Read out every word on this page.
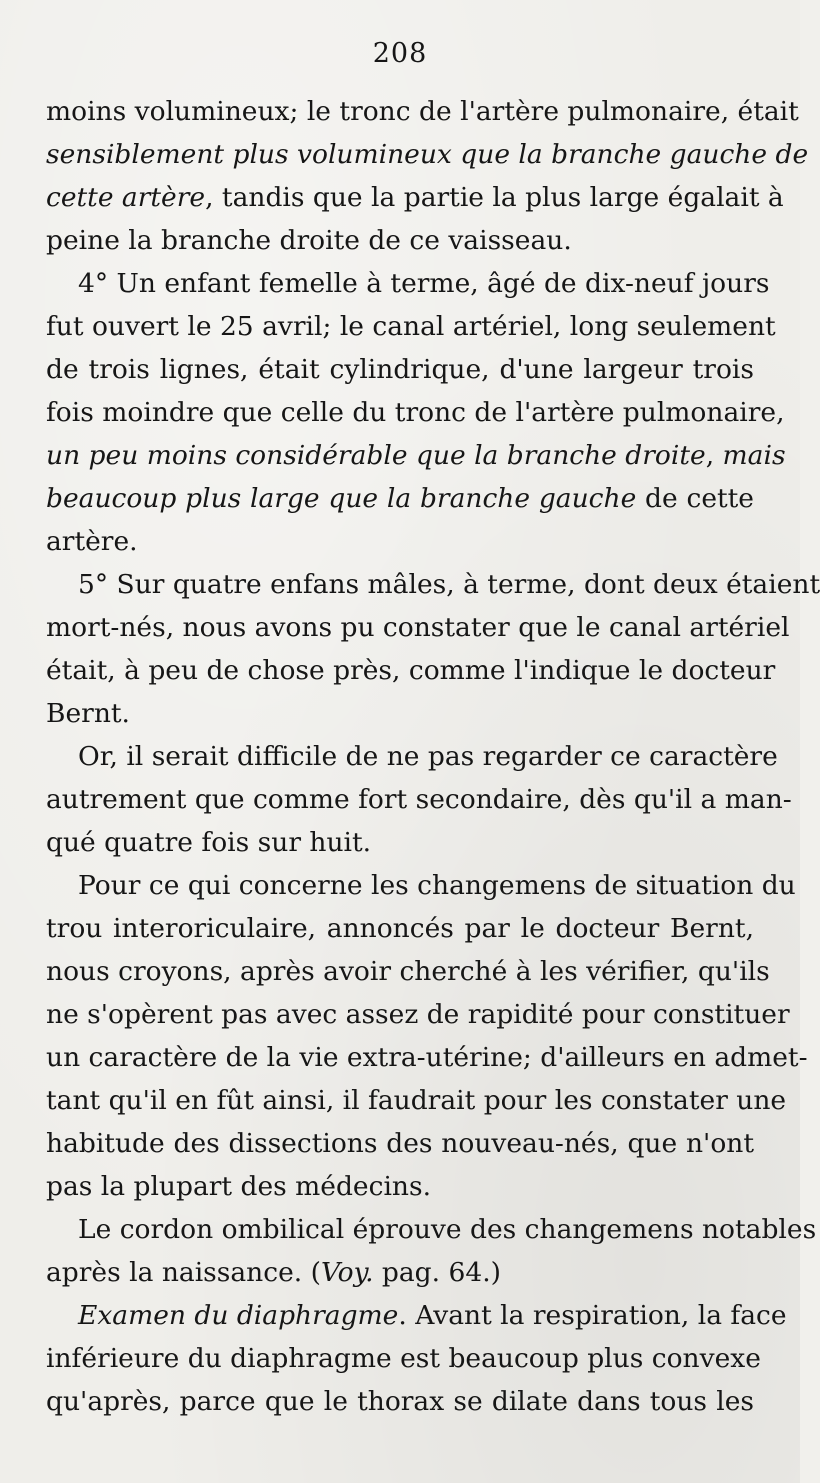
208
moins volumineux; le tronc de l'artère pulmonaire, était
sensiblement plus volumineux que la branche gauche de
cette artère, tandis que la partie la plus large égalait à
peine la branche droite de ce vaisseau.
4° Un enfant femelle à terme, âgé de dix-neuf jours
fut ouvert le 25 avril; le canal artériel, long seulement
de trois lignes, était cylindrique, d'une largeur trois
fois moindre que celle du tronc de l'artère pulmonaire,
un peu moins considérable que la branche droite, mais
beaucoup plus large que la branche gauche de cette
artère.
5° Sur quatre enfans mâles, à terme, dont deux étaient
mort-nés, nous avons pu constater que le canal artériel
était, à peu de chose près, comme l'indique le docteur
Bernt.
Or, il serait difficile de ne pas regarder ce caractère
autrement que comme fort secondaire, dès qu'il a man-
qué quatre fois sur huit.
Pour ce qui concerne les changemens de situation du
trou interoriculaire, annoncés par le docteur Bernt,
nous croyons, après avoir cherché à les vérifier, qu'ils
ne s'opèrent pas avec assez de rapidité pour constituer
un caractère de la vie extra-utérine; d'ailleurs en admet-
tant qu'il en fût ainsi, il faudrait pour les constater une
habitude des dissections des nouveau-nés, que n'ont
pas la plupart des médecins.
Le cordon ombilical éprouve des changemens notables
après la naissance. (Voy. pag. 64.)
Examen du diaphragme. Avant la respiration, la face
inférieure du diaphragme est beaucoup plus convexe
qu'après, parce que le thorax se dilate dans tous les
